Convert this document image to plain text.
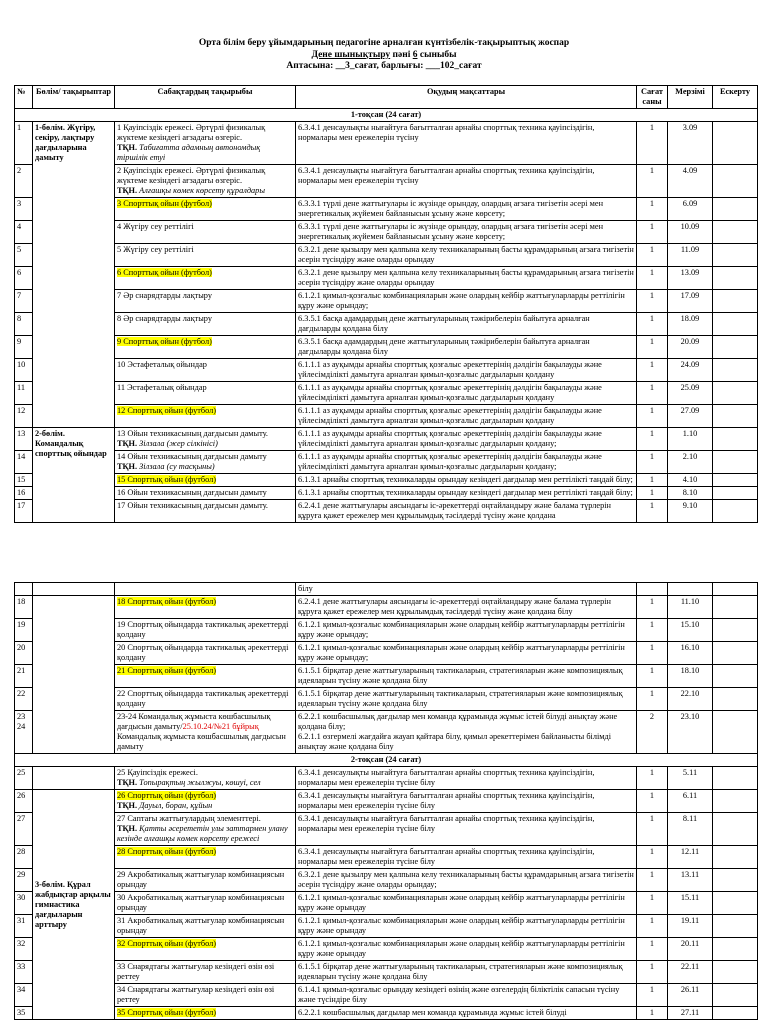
Орта білім беру ұйымдарының педагогіне арналған күнтізбелік-тақырыптық жоспар
Дене шынықтыру пәні 6 сыныбы
Аптасына: __3_сағат, барлығы: ___102_сағат
№	Бөлім/ тақырыптар	Сабақтардың тақырыбы	Оқудың мақсаттары	Сағат саны	Мерзімі	Ескерту
1-тоқсан (24 сағат)						
1	1-бөлім. Жүгіру, секіру, лақтыру дағдыларына дамыту	1 Қауіпсіздік ережесі. Әртүрлі физикалық жүктеме кезіндегі ағзадағы өзгеріс.
ТҚН. Табиғатта адамның автономдық тіршілік етуі	6.3.4.1 денсаулықты нығайтуға бағытталған арнайы спорттық техника қауіпсіздігін, нормалары мен ережелерін түсіну	1	3.09	
2		2 Қауіпсіздік ережесі. Әртүрлі физикалық жүктеме кезіндегі ағзадағы өзгеріс.
ТҚН. Алғашқы көмек көрсету құралдары	6.3.4.1 денсаулықты нығайтуға бағытталған арнайы спорттық техника қауіпсіздігін, нормалары мен ережелерін түсіну	1	4.09	
3		3 Спорттық ойын (футбол)	6.3.3.1 түрлі дене жаттығулары іс жүзінде орындау, олардың ағзаға тигізетін әсері мен энергетикалық жүйемен байланысын ұсыну және көрсету;	1	6.09	
4		4 Жүгіру сеу реттілігі	6.3.3.1 түрлі дене жаттығулары іс жүзінде орындау, олардың ағзаға тигізетін әсері мен энергетикалық жүйемен байланысын ұсыну және көрсету;	1	10.09	
5		5 Жүгіру сеу реттілігі	6.3.2.1 дене қызылру мен қалпына келу техникаларының басты құрамдарының ағзаға тигізетін әсерін түсіндіру және оларды орындау	1	11.09	
6		6 Спорттық ойын (футбол)	6.3.2.1 дене қызылру мен қалпына келу техникаларының басты құрамдарының ағзаға тигізетін әсерін түсіндіру және оларды орындау	1	13.09	
7		7 Әр снарядтарды лақтыру	6.1.2.1 қимыл-қозғалыс комбинацияларын және олардың кейбір жаттығуларларды реттілігін құру және орындау;	1	17.09	
8		8 Әр снарядтарды лақтыру	6.3.5.1 басқа адамдардың дене жаттығуларының тәжірибелерін байытуға арналған дағдыларды қолдана білу	1	18.09	
9		9 Спорттық ойын (футбол)	6.3.5.1 басқа адамдардың дене жаттығуларының тәжірибелерін байытуға арналған дағдыларды қолдана білу	1	20.09	
10		10 Эстафеталық ойындар	6.1.1.1 аз ауқымды арнайы спорттық қозғалыс әрекеттерінің дәлдігін бақылауды және үйлесімділікті дамытуға арналған қимыл-қозғалыс дағдыларын қолдану	1	24.09	
11		11 Эстафеталық ойындар	6.1.1.1 аз ауқымды арнайы спорттық қозғалыс әрекеттерінің дәлдігін бақылауды және үйлесімділікті дамытуға арналған қимыл-қозғалыс дағдыларын қолдану	1	25.09	
12		12 Спорттық ойын (футбол)	6.1.1.1 аз ауқымды арнайы спорттық қозғалыс әрекеттерінің дәлдігін бақылауды және үйлесімділікті дамытуға арналған қимыл-қозғалыс дағдыларын қолдану	1	27.09	
13	2-бөлім. Командалық спорттық ойындар	13 Ойын техникасының дағдысын дамыту.
ТҚН. Зілзала (жер сілкінісі)	6.1.1.1 аз ауқымды арнайы спорттық қозғалыс әрекеттерінің дәлдігін бақылауды және үйлесімділікті дамытуға арналған қимыл-қозғалыс дағдыларын қолдану;	1	1.10	
14		14 Ойын техникасының дағдысын дамыту
ТҚН. Зілзала (су тасқыны)	6.1.1.1 аз ауқымды арнайы спорттық қозғалыс әрекеттерінің дәлдігін бақылауды және үйлесімділікті дамытуға арналған қимыл-қозғалыс дағдыларын қолдану;	1	2.10	
15		15 Спорттық ойын (футбол)	6.1.3.1 арнайы спорттық техникаларды орындау кезіндегі дағдылар мен реттілікті таңдай білу;	1	4.10	
16		16 Ойын техникасының дағдысын дамыту	6.1.3.1 арнайы спорттық техникаларды орындау кезіндегі дағдылар мен реттілікті таңдай білу;	1	8.10	
17		17 Ойын техникасының дағдысын дамыту.	6.2.4.1 дене жаттығулары аясындағы іс-әрекеттерді оңтайландыру және балама түрлерін құруға қажет ережелер мен құрылымдық тәсілдерді түсіну және қолдана	1	9.10	
			білу			
18		18 Спорттық ойын (футбол)	6.2.4.1 дене жаттығулары аясындағы іс-әрекеттерді оңтайландыру және балама түрлерін құруға қажет ережелер мен құрылымдық тәсілдерді түсіну және қолдана білу	1	11.10	
19		19 Спорттық ойындарда тактикалық әрекеттерді қолдану	6.1.2.1 қимыл-қозғалыс комбинацияларын және олардың кейбір жаттығуларларды реттілігін құру және орындау;	1	15.10	
20		20 Спорттық ойындарда тактикалық әрекеттерді қолдану	6.1.2.1 қимыл-қозғалыс комбинацияларын және олардың кейбір жаттығуларларды реттілігін құру және орындау;	1	16.10	
21		21 Спорттық ойын (футбол)	6.1.5.1 бірқатар дене жаттығуларының тактикаларын, стратегияларын және композициялық идеяларын түсіну және қолдана білу	1	18.10	
22		22 Спорттық ойындарда тактикалық әрекеттерді қолдану	6.1.5.1 бірқатар дене жаттығуларының тактикаларын, стратегияларын және композициялық идеяларын түсіну және қолдана білу	1	22.10	
23
24		23-24 Командалық жұмыста көшбасшылық дағдысын дамыту/25.10.24/№21 бұйрық
Командалық жұмыста көшбасшылық дағдысын дамыту	6.2.2.1 көшбасшылық дағдылар мен команда құрамында жұмыс істей білуді анықтау және қолдана білу;
6.2.1.1 өзгермелі жағдайға жауап қайтара білу, қимыл әрекеттерімен байланысты білімді анықтау және қолдана білу	2	23.10	
2-тоқсан (24 сағат)						
25		25 Қауіпсіздік ережесі.
ТҚН. Топырақтың жылжуы, көшуі, сел	6.3.4.1 денсаулықты нығайтуға бағытталған арнайы спорттық техника қауіпсіздігін, нормалары мен ережелерін түсіне білу	1	5.11	
26	3-бөлім. Құрал жабдықтар арқылы гимнастика дағдыларын арттыру	26 Спорттық ойын (футбол)
ТҚН. Дауыл, боран, құйын	6.3.4.1 денсаулықты нығайтуға бағытталған арнайы спорттық техника қауіпсіздігін, нормалары мен ережелерін түсіне білу	1	6.11	
27		27 Саптағы жаттығулардың элементтері.
ТҚН. Қатты әсерететін улы заттармен улану кезінде алғашқы көмек көрсету ережесі	6.3.4.1 денсаулықты нығайтуға бағытталған арнайы спорттық техника қауіпсіздігін, нормалары мен ережелерін түсіне білу	1	8.11	
28		28 Спорттық ойын (футбол)	6.3.4.1 денсаулықты нығайтуға бағытталған арнайы спорттық техника қауіпсіздігін, нормалары мен ережелерін түсіне білу	1	12.11	
29		29 Акробатикалық жаттығулар комбинациясын орындау	6.3.2.1 дене қызылру мен қалпына келу техникаларының басты құрамдарының ағзаға тигізетін әсерін түсіндіру және оларды орындау;	1	13.11	
30		30 Акробатикалық жаттығулар комбинациясын орындау	6.1.2.1 қимыл-қозғалыс комбинацияларын және олардың кейбір жаттығуларларды реттілігін құру және орындау	1	15.11	
31		31 Акробатикалық жаттығулар комбинациясын орындау	6.1.2.1 қимыл-қозғалыс комбинацияларын және олардың кейбір жаттығуларларды реттілігін құру және орындау	1	19.11	
32		32 Спорттық ойын (футбол)	6.1.2.1 қимыл-қозғалыс комбинацияларын және олардың кейбір жаттығуларларды реттілігін құру және орындау	1	20.11	
33		33 Снарядтағы жаттығулар кезіндегі өзін өзі реттеу	6.1.5.1 бірқатар дене жаттығуларының тактикаларын, стратегияларын және композициялық идеяларын түсіну және қолдана білу	1	22.11	
34		34 Снарядтағы жаттығулар кезіндегі өзін өзі реттеу	6.1.4.1 қимыл-қозғалыс орындау кезіндегі өзінің және өзгелердің біліктілік сапасын түсіну және түсіндіре білу	1	26.11	
35		35 Спорттық ойын (футбол)	6.2.2.1 көшбасшылық дағдылар мен команда құрамында жұмыс істей білуді	1	27.11	
